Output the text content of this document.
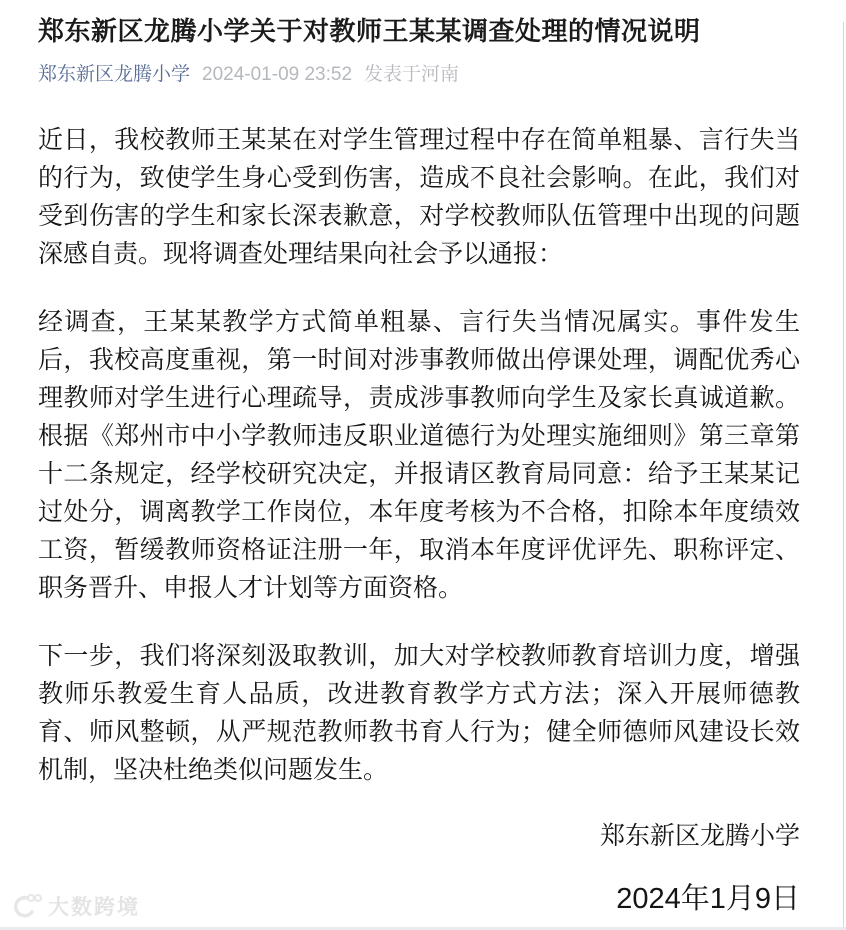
郑东新区龙腾小学关于对教师王某某调查处理的情况说明
郑东新区龙腾小学 2024-01-09 23:52 发表于河南

近日，我校教师王某某在对学生管理过程中存在简单粗暴、言行失当的行为，致使学生身心受到伤害，造成不良社会影响。在此，我们对受到伤害的学生和家长深表歉意，对学校教师队伍管理中出现的问题深感自责。现将调查处理结果向社会予以通报：

经调查，王某某教学方式简单粗暴、言行失当情况属实。事件发生后，我校高度重视，第一时间对涉事教师做出停课处理，调配优秀心理教师对学生进行心理疏导，责成涉事教师向学生及家长真诚道歉。根据《郑州市中小学教师违反职业道德行为处理实施细则》第三章第十二条规定，经学校研究决定，并报请区教育局同意：给予王某某记过处分，调离教学工作岗位，本年度考核为不合格，扣除本年度绩效工资，暂缓教师资格证注册一年，取消本年度评优评先、职称评定、职务晋升、申报人才计划等方面资格。

下一步，我们将深刻汲取教训，加大对学校教师教育培训力度，增强教师乐教爱生育人品质，改进教育教学方式方法；深入开展师德教育、师风整顿，从严规范教师教书育人行为；健全师德师风建设长效机制，坚决杜绝类似问题发生。

郑东新区龙腾小学
2024年1月9日
大数跨境
